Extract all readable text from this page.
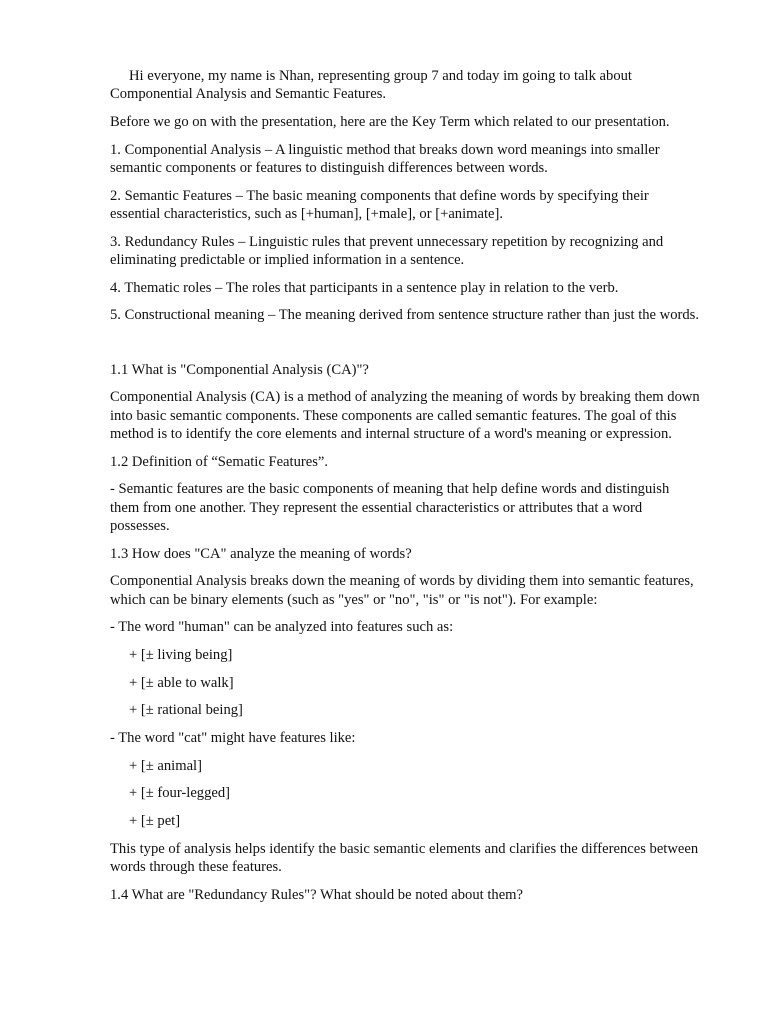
Hi everyone, my name is Nhan, representing group 7 and today im going to talk about Componential Analysis and Semantic Features.

Before we go on with the presentation, here are the Key Term which related to our presentation.

1. Componential Analysis – A linguistic method that breaks down word meanings into smaller semantic components or features to distinguish differences between words.

2. Semantic Features – The basic meaning components that define words by specifying their essential characteristics, such as [+human], [+male], or [+animate].

3. Redundancy Rules – Linguistic rules that prevent unnecessary repetition by recognizing and eliminating predictable or implied information in a sentence.

4. Thematic roles – The roles that participants in a sentence play in relation to the verb.

5. Constructional meaning – The meaning derived from sentence structure rather than just the words.

1.1 What is "Componential Analysis (CA)"?

Componential Analysis (CA) is a method of analyzing the meaning of words by breaking them down into basic semantic components. These components are called semantic features. The goal of this method is to identify the core elements and internal structure of a word's meaning or expression.

1.2 Definition of “Sematic Features”.

- Semantic features are the basic components of meaning that help define words and distinguish them from one another. They represent the essential characteristics or attributes that a word possesses.

1.3 How does "CA" analyze the meaning of words?

Componential Analysis breaks down the meaning of words by dividing them into semantic features, which can be binary elements (such as "yes" or "no", "is" or "is not"). For example:

- The word "human" can be analyzed into features such as:

+ [± living being]

+ [± able to walk]

+ [± rational being]

- The word "cat" might have features like:

+ [± animal]

+ [± four-legged]

+ [± pet]

This type of analysis helps identify the basic semantic elements and clarifies the differences between words through these features.

1.4 What are "Redundancy Rules"? What should be noted about them?
